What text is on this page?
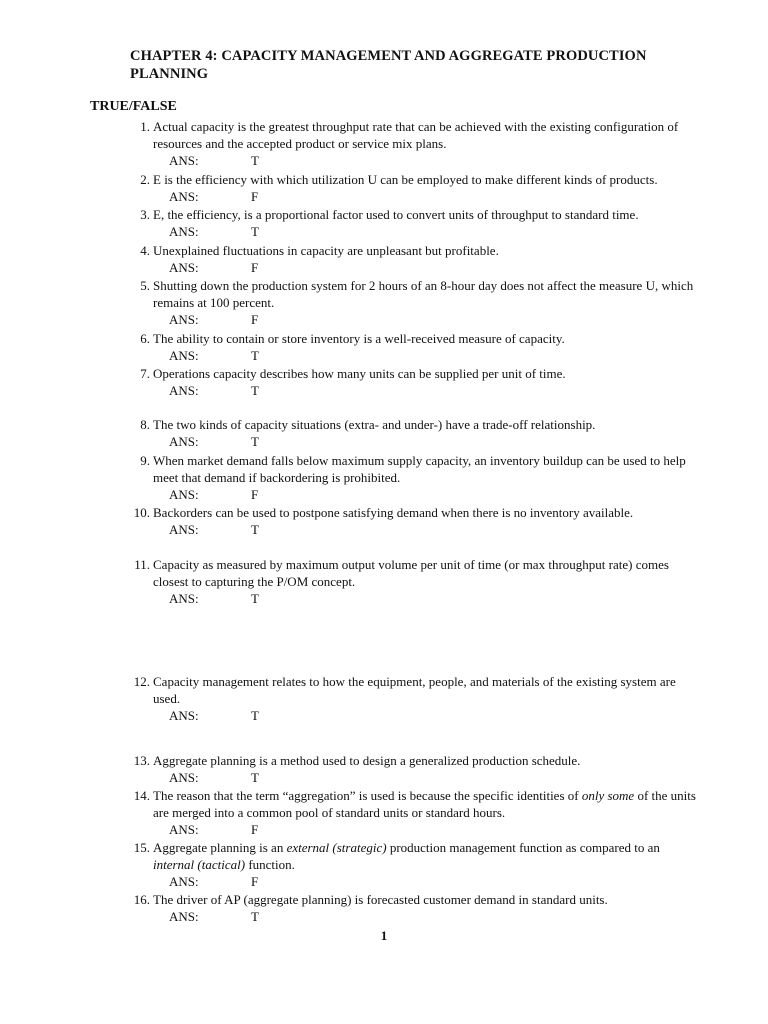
CHAPTER 4: CAPACITY MANAGEMENT AND AGGREGATE PRODUCTION PLANNING
TRUE/FALSE
1. Actual capacity is the greatest throughput rate that can be achieved with the existing configuration of resources and the accepted product or service mix plans.
ANS:	T
2. E is the efficiency with which utilization U can be employed to make different kinds of products.
ANS:	F
3. E, the efficiency, is a proportional factor used to convert units of throughput to standard time.
ANS:	T
4. Unexplained fluctuations in capacity are unpleasant but profitable.
ANS:	F
5. Shutting down the production system for 2 hours of an 8-hour day does not affect the measure U, which remains at 100 percent.
ANS:	F
6. The ability to contain or store inventory is a well-received measure of capacity.
ANS:	T
7. Operations capacity describes how many units can be supplied per unit of time.
ANS:	T
8. The two kinds of capacity situations (extra- and under-) have a trade-off relationship.
ANS:	T
9. When market demand falls below maximum supply capacity, an inventory buildup can be used to help meet that demand if backordering is prohibited.
ANS:	F
10. Backorders can be used to postpone satisfying demand when there is no inventory available.
ANS:	T
11. Capacity as measured by maximum output volume per unit of time (or max throughput rate) comes closest to capturing the P/OM concept.
ANS:	T
12. Capacity management relates to how the equipment, people, and materials of the existing system are used.
ANS:	T
13. Aggregate planning is a method used to design a generalized production schedule.
ANS:	T
14. The reason that the term “aggregation” is used is because the specific identities of only some of the units are merged into a common pool of standard units or standard hours.
ANS:	F
15. Aggregate planning is an external (strategic) production management function as compared to an internal (tactical) function.
ANS:	F
16. The driver of AP (aggregate planning) is forecasted customer demand in standard units.
ANS:	T
1
